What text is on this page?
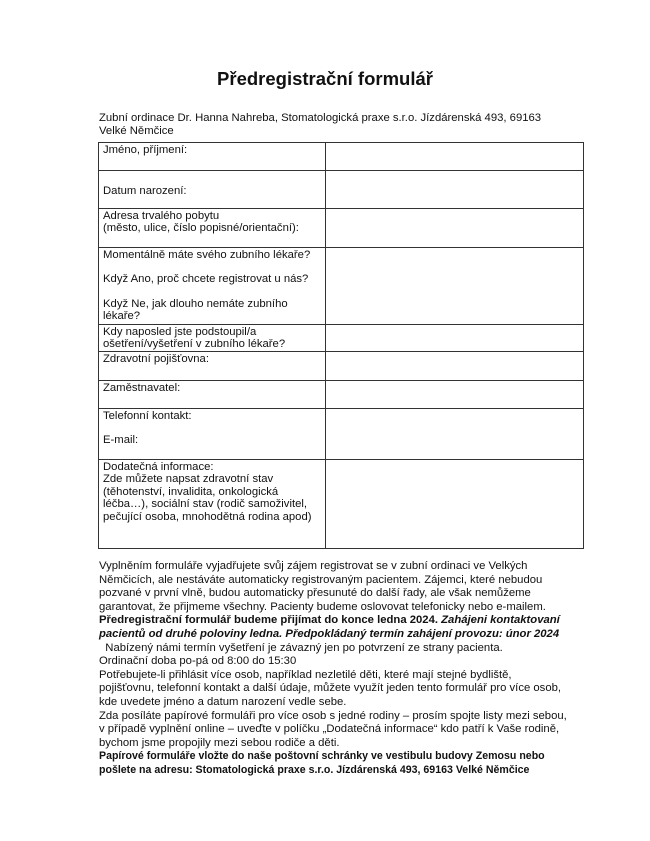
Předregistrační formulář
Zubní ordinace Dr. Hanna Nahreba, Stomatologická praxe s.r.o. Jízdárenská 493, 69163
Velké Němčice
Jméno, příjmení:	
Datum narození:	

Adresa trvalého pobytu
(město, ulice, číslo popisné/orientační):	

Momentálně máte svého zubního lékaře?
Když Ano, proč chcete registrovat u nás?
Když Ne, jak dlouho nemáte zubního lékaře?	

Kdy naposled jste podstoupil/a ošetření/vyšetření v zubního lékaře?	
Zdravotní pojišťovna:	
Zaměstnavatel:	

Telefonní kontakt:
E-mail:	

Dodatečná informace:
Zde můžete napsat zdravotní stav (těhotenství, invalidita, onkologická léčba…), sociální stav (rodič samoživitel, pečující osoba, mnohodětná rodina apod)	

Vyplněním formuláře vyjadřujete svůj zájem registrovat se v zubní ordinaci ve Velkých Němčicích, ale nestáváte automaticky registrovaným pacientem. Zájemci, které nebudou pozvané v první vlně, budou automaticky přesunuté do další řady, ale však nemůžeme garantovat, že přijmeme všechny. Pacienty budeme oslovovat telefonicky nebo e-mailem.

Předregistrační formulář budeme přijímat do konce ledna 2024. Zahájeni kontaktovaní pacientů od druhé poloviny ledna. Předpokládaný termín zahájení provozu: únor 2024

Nabízený námi termín vyšetření je závazný jen po potvrzení ze strany pacienta.

Ordinační doba po-pá od 8:00 do 15:30

Potřebujete-li přihlásit více osob, například nezletilé děti, které mají stejné bydliště, pojišťovnu, telefonní kontakt a další údaje, můžete využít jeden tento formulář pro více osob, kde uvedete jméno a datum narození vedle sebe.

Zda posíláte papírové formuláři pro více osob s jedné rodiny – prosím spojte listy mezi sebou, v případě vyplnění online – uveďte v políčku „Dodatečná informace“ kdo patří k Vaše rodině, bychom jsme propojily mezi sebou rodiče a děti.

Papírové formuláře vložte do naše poštovní schránky ve vestibulu budovy Zemosu nebo pošlete na adresu: Stomatologická praxe s.r.o. Jízdárenská 493, 69163 Velké Němčice
